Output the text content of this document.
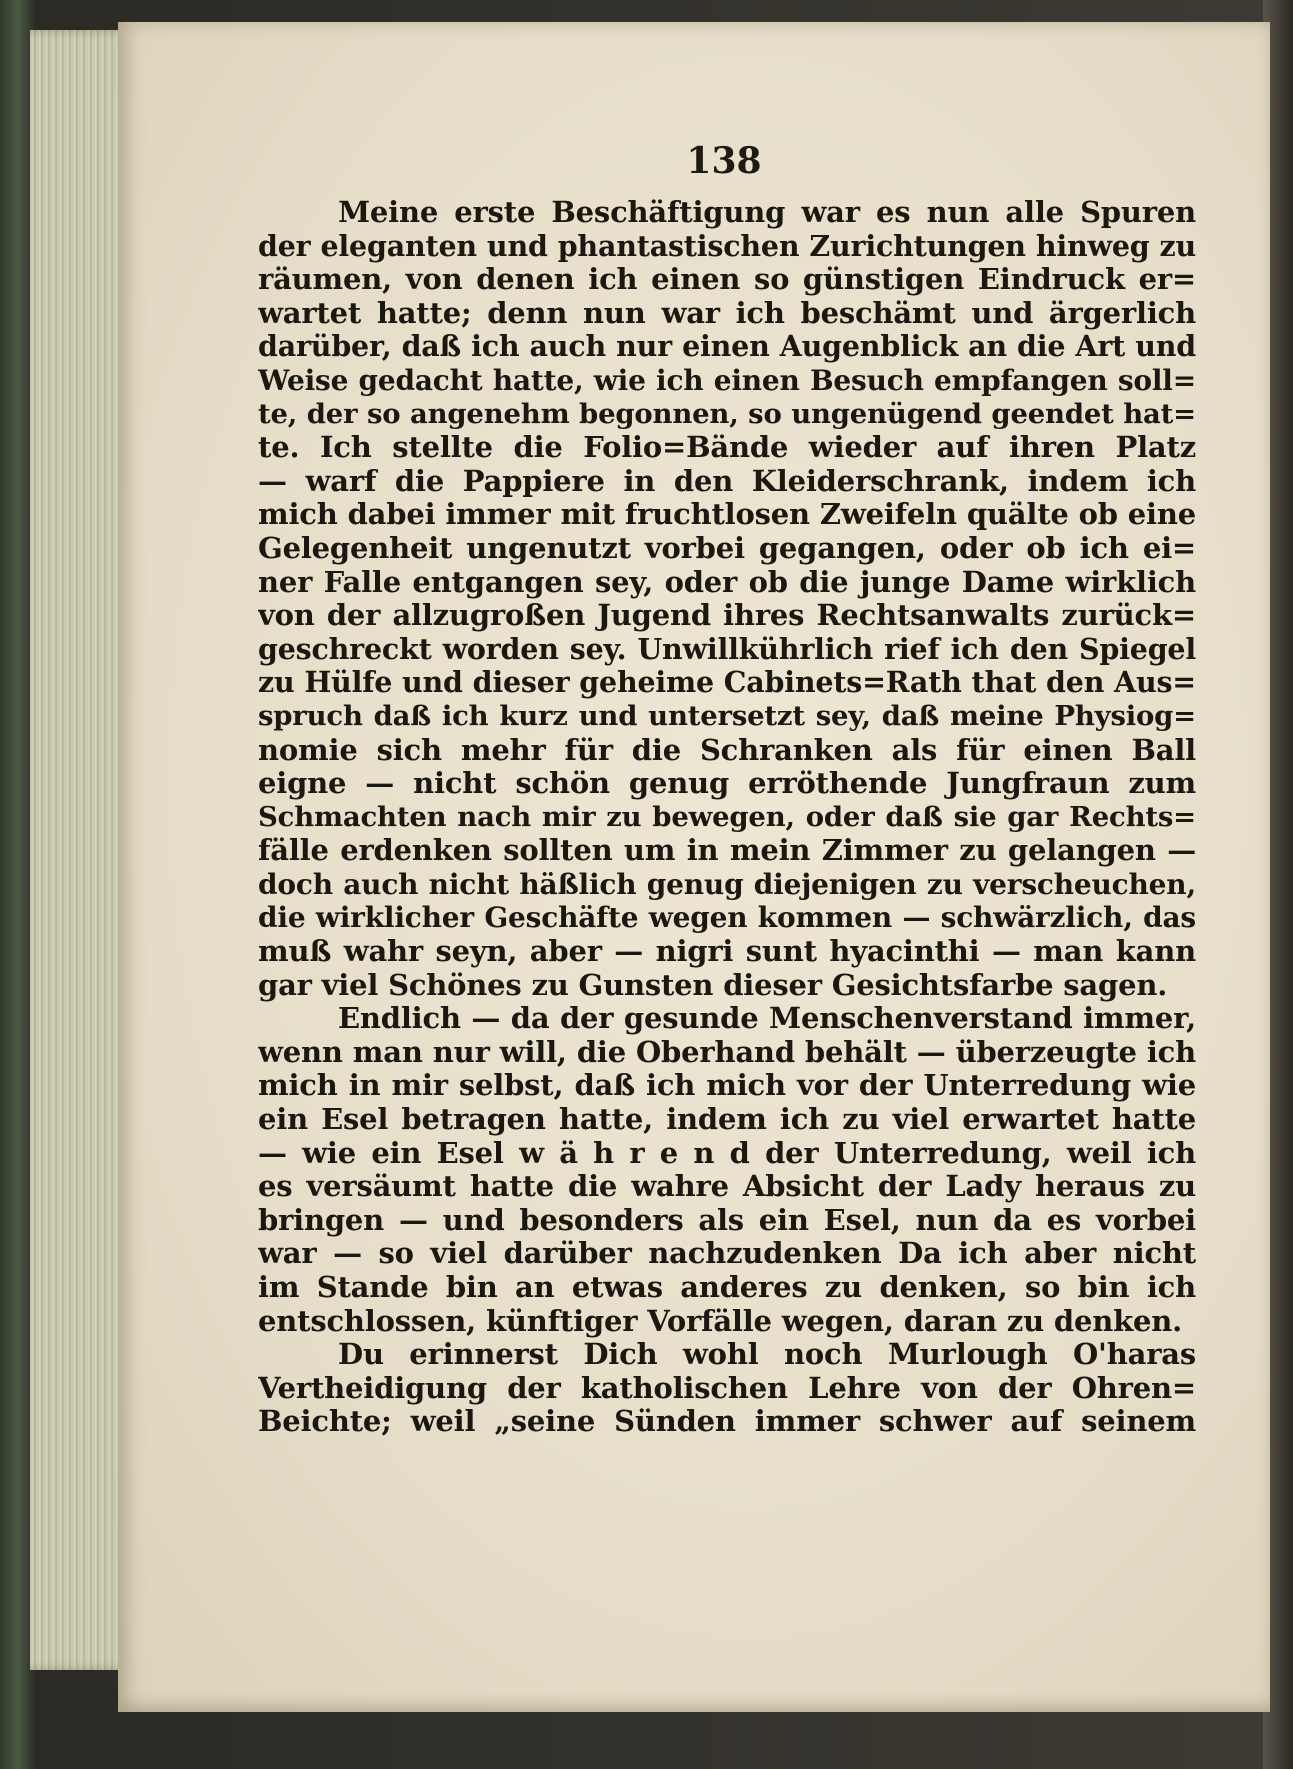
138
Meine erste Beschäftigung war es nun alle Spuren
der eleganten und phantastischen Zurichtungen hinweg zu
räumen, von denen ich einen so günstigen Eindruck er=
wartet hatte; denn nun war ich beschämt und ärgerlich
darüber, daß ich auch nur einen Augenblick an die Art und
Weise gedacht hatte, wie ich einen Besuch empfangen soll=
te, der so angenehm begonnen, so ungenügend geendet hat=
te. Ich stellte die Folio=Bände wieder auf ihren Platz
— warf die Pappiere in den Kleiderschrank, indem ich
mich dabei immer mit fruchtlosen Zweifeln quälte ob eine
Gelegenheit ungenutzt vorbei gegangen, oder ob ich ei=
ner Falle entgangen sey, oder ob die junge Dame wirklich
von der allzugroßen Jugend ihres Rechtsanwalts zurück=
geschreckt worden sey. Unwillkührlich rief ich den Spiegel
zu Hülfe und dieser geheime Cabinets=Rath that den Aus=
spruch daß ich kurz und untersetzt sey, daß meine Physiog=
nomie sich mehr für die Schranken als für einen Ball
eigne — nicht schön genug erröthende Jungfraun zum
Schmachten nach mir zu bewegen, oder daß sie gar Rechts=
fälle erdenken sollten um in mein Zimmer zu gelangen —
doch auch nicht häßlich genug diejenigen zu verscheuchen,
die wirklicher Geschäfte wegen kommen — schwärzlich, das
muß wahr seyn, aber — nigri sunt hyacinthi — man kann
gar viel Schönes zu Gunsten dieser Gesichtsfarbe sagen.
Endlich — da der gesunde Menschenverstand immer,
wenn man nur will, die Oberhand behält — überzeugte ich
mich in mir selbst, daß ich mich vor der Unterredung wie
ein Esel betragen hatte, indem ich zu viel erwartet hatte
— wie ein Esel w ä h r e n d der Unterredung, weil ich
es versäumt hatte die wahre Absicht der Lady heraus zu
bringen — und besonders als ein Esel, nun da es vorbei
war — so viel darüber nachzudenken Da ich aber nicht
im Stande bin an etwas anderes zu denken, so bin ich
entschlossen, künftiger Vorfälle wegen, daran zu denken.
Du erinnerst Dich wohl noch Murlough O'haras
Vertheidigung der katholischen Lehre von der Ohren=
Beichte; weil „seine Sünden immer schwer auf seinem
